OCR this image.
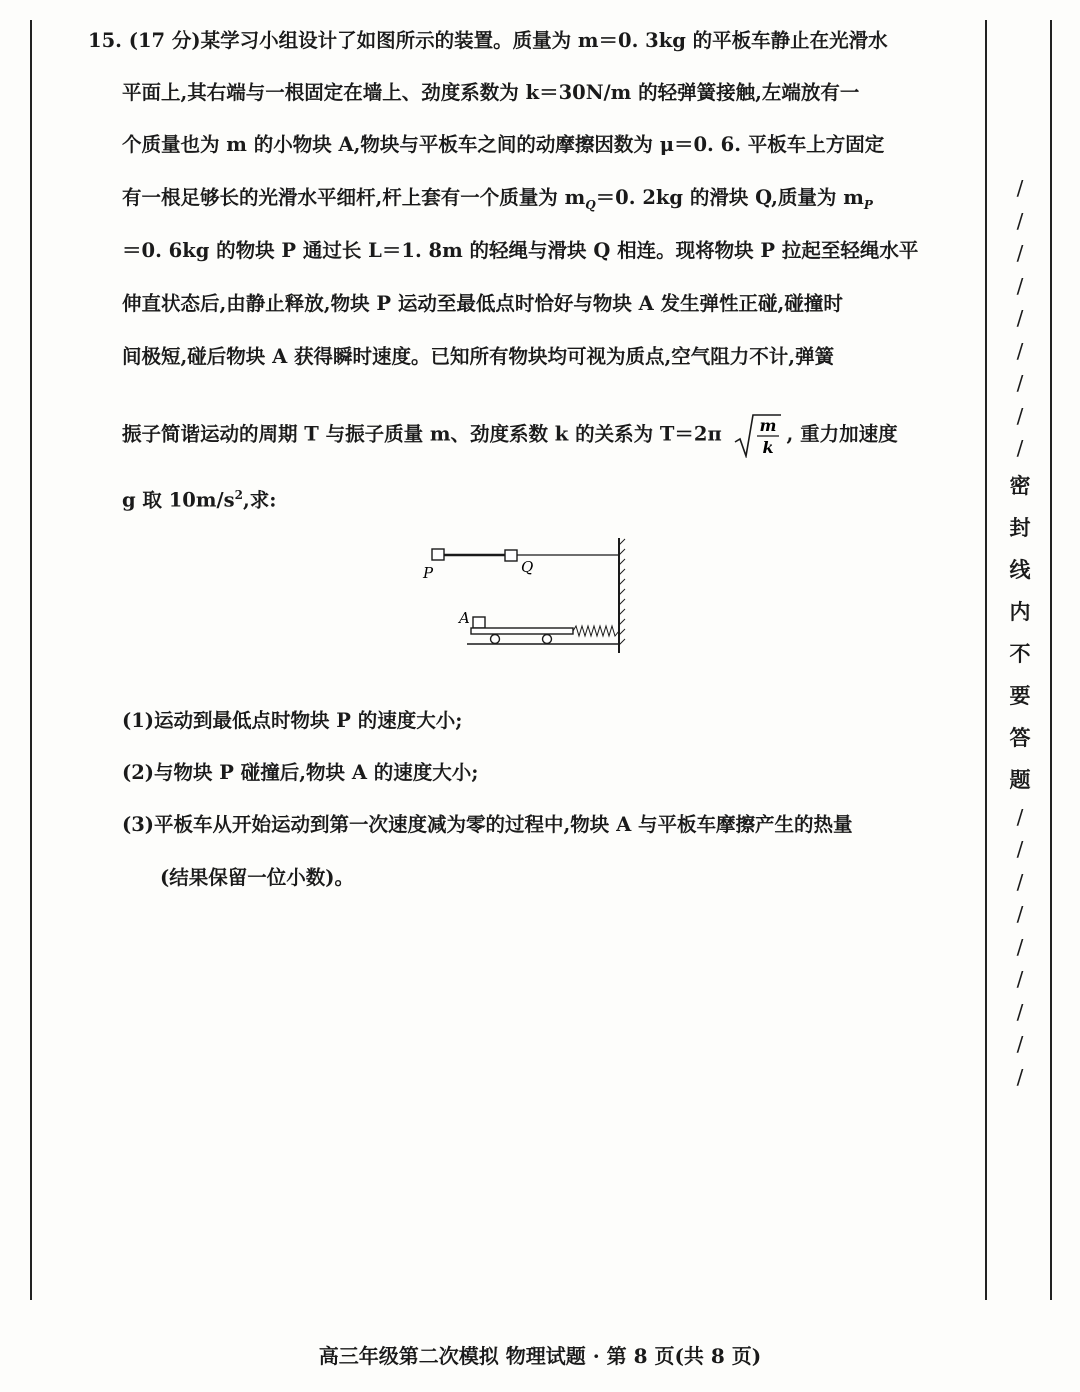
15. (17 分)某学习小组设计了如图所示的装置。质量为 m＝0. 3kg 的平板车静止在光滑水
平面上,其右端与一根固定在墙上、劲度系数为 k＝30N/m 的轻弹簧接触,左端放有一
个质量也为 m 的小物块 A,物块与平板车之间的动摩擦因数为 μ＝0. 6. 平板车上方固定
有一根足够长的光滑水平细杆,杆上套有一个质量为 $m_Q=0$. 2kg 的滑块 Q,质量为 $m_P$
＝0. 6kg 的物块 P 通过长 L＝1. 8m 的轻绳与滑块 Q 相连。现将物块 P 拉起至轻绳水平
伸直状态后,由静止释放,物块 P 运动至最低点时恰好与物块 A 发生弹性正碰,碰撞时
间极短,碰后物块 A 获得瞬时速度。已知所有物块均可视为质点,空气阻力不计,弹簧
振子简谐运动的周期 T 与振子质量 m、劲度系数 k 的关系为 T＝2π m
k
, 重力加速度
g 取 $10m/s^2$,求:
P	Q
A
(1)运动到最低点时物块 P 的速度大小;
(2)与物块 P 碰撞后,物块 A 的速度大小;
(3)平板车从开始运动到第一次速度减为零的过程中,物块 A 与平板车摩擦产生的热量
(结果保留一位小数)。
/
/
/
/
/
/
/
/
/
密
封
线
内
不
要
答
题
/
/
/
/
/
/
/
/
/
高三年级第二次模拟 物理试题 · 第 8 页(共 8 页)
